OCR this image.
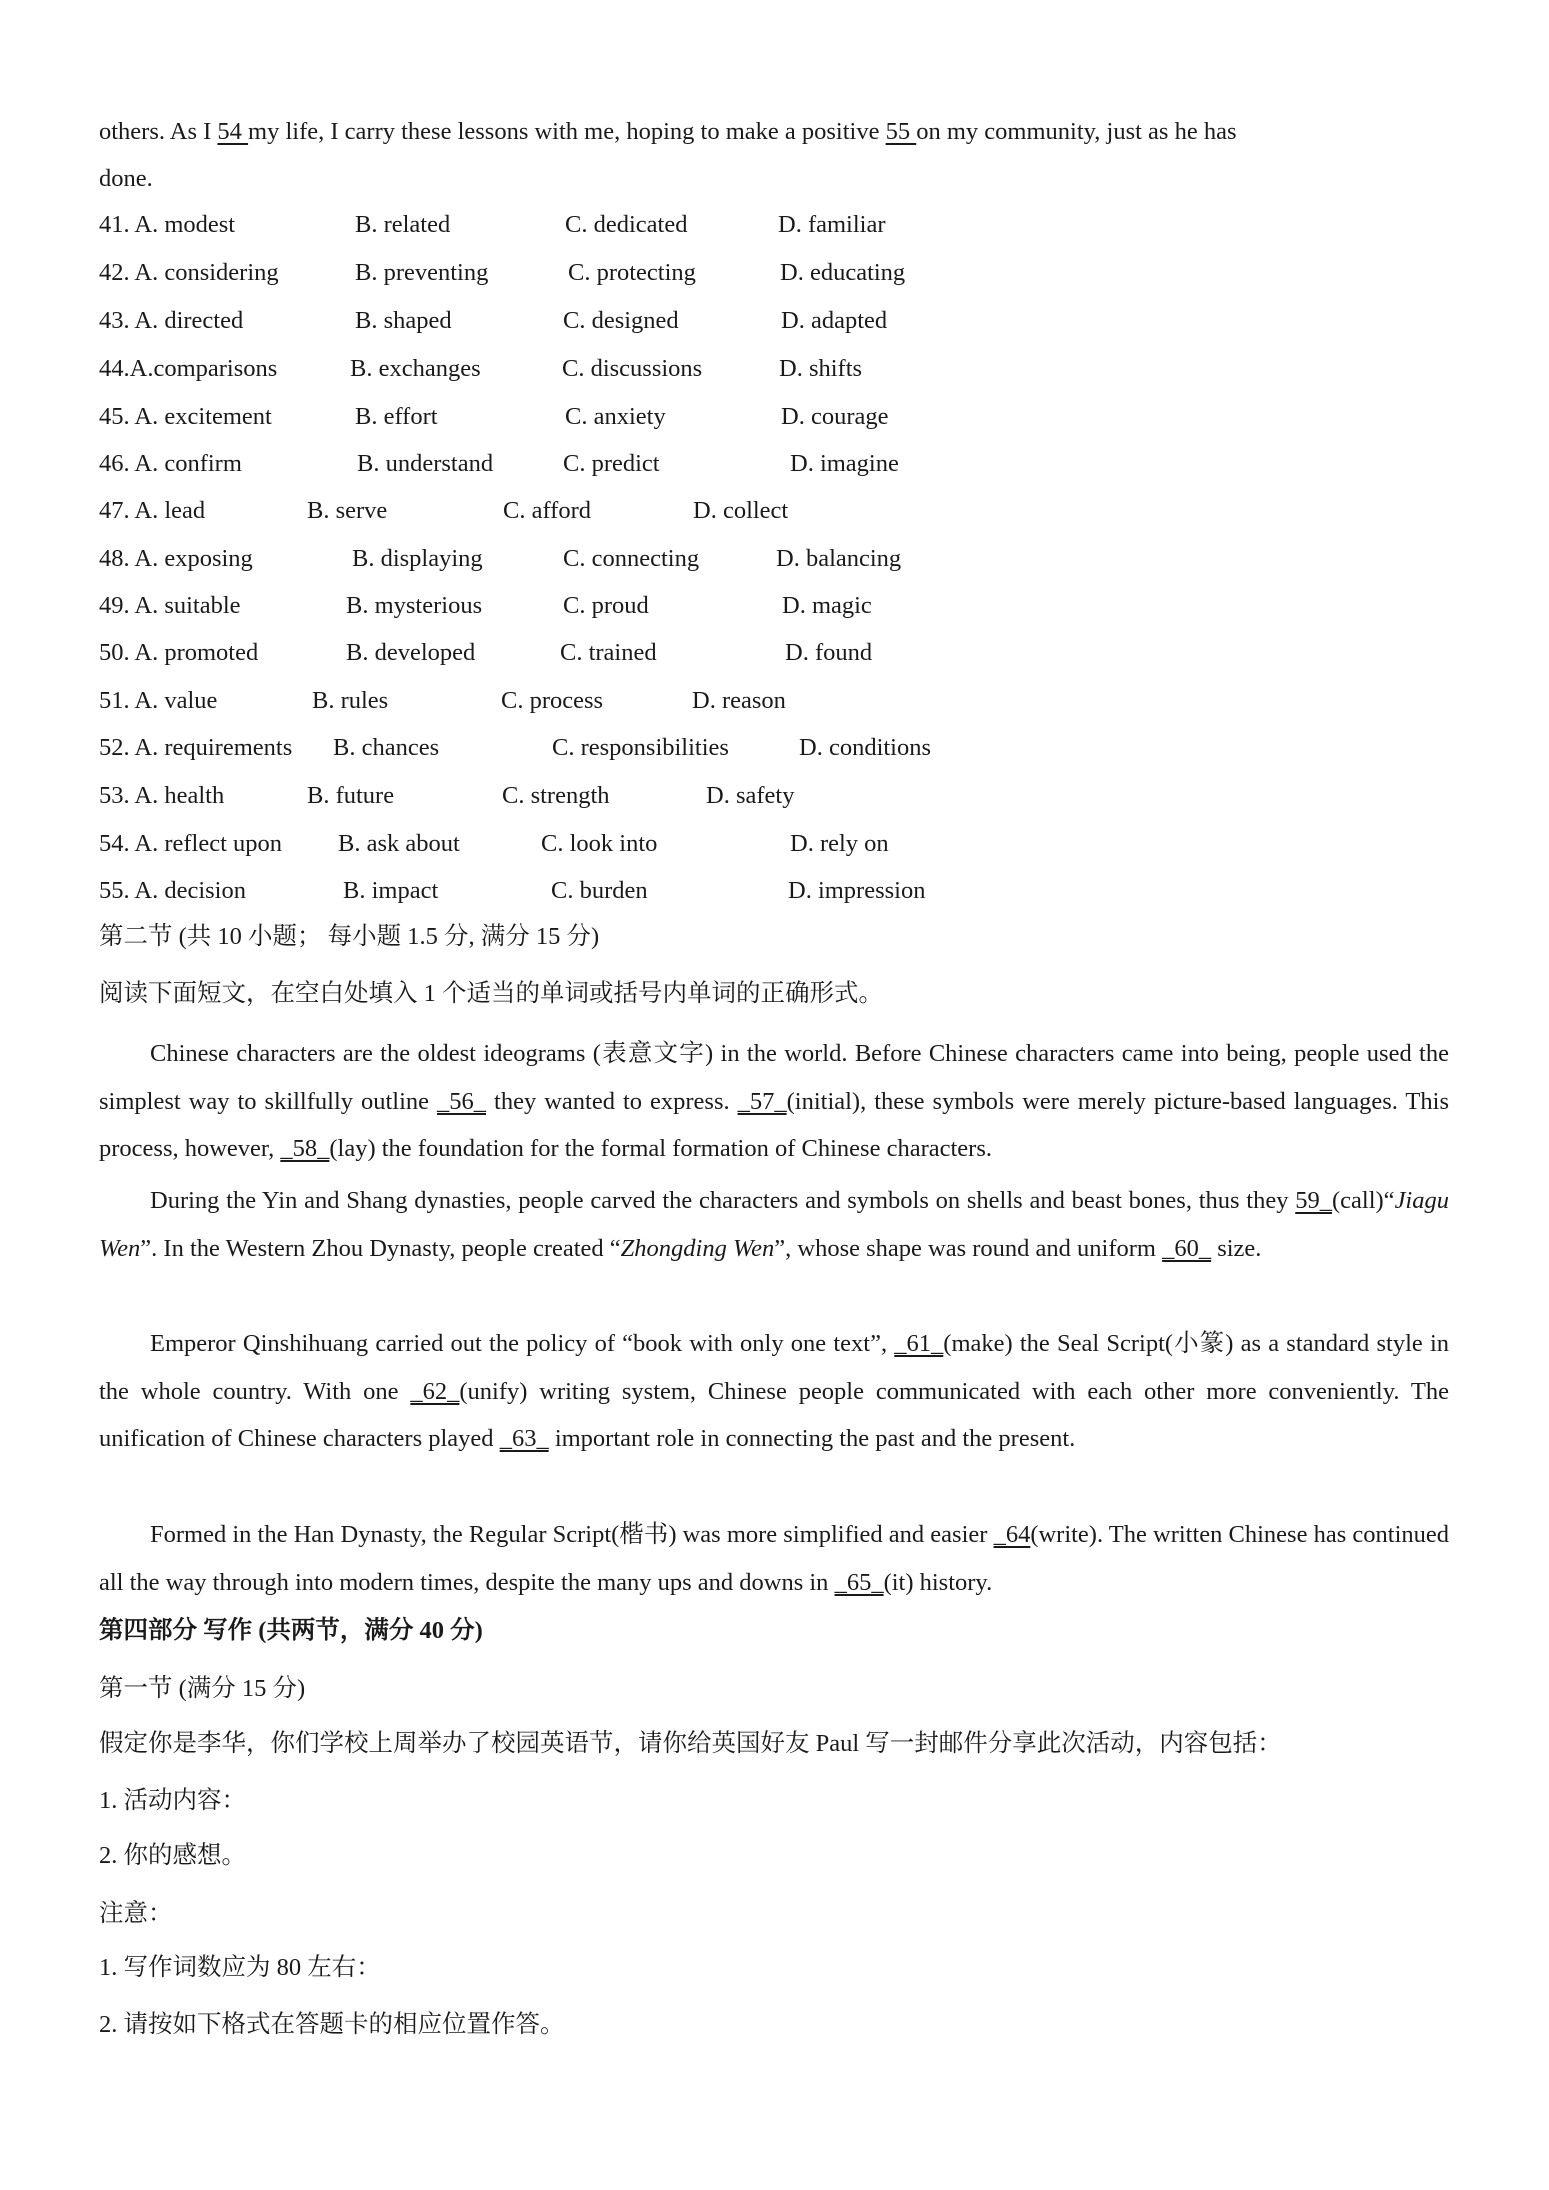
others. As I 54 my life, I carry these lessons with me, hoping to make a positive 55 on my community, just as he has
done.
41. A. modest	B. related	C. dedicated	D. familiar
42. A. considering	B. preventing	C. protecting	D. educating
43. A. directed	B. shaped	C. designed	D. adapted
44.A.comparisons	B. exchanges	C. discussions	D. shifts
45. A. excitement	B. effort	C. anxiety	D. courage
46. A. confirm	B. understand	C. predict	D. imagine
47. A. lead	B. serve	C. afford	D. collect
48. A. exposing	B. displaying	C. connecting	D. balancing
49. A. suitable	B. mysterious	C. proud	D. magic
50. A. promoted	B. developed	C. trained	D. found
51. A. value	B. rules	C. process	D. reason
52. A. requirements B. chances	C. responsibilities	D. conditions
53. A. health	B. future	C. strength	D. safety
54. A. reflect upon B. ask about	C. look into	D. rely on
55. A. decision	B. impact	C. burden	D. impression
第二节 (共 10 小题； 每小题 1.5 分, 满分 15 分)
阅读下面短文，在空白处填入 1 个适当的单词或括号内单词的正确形式。
Chinese characters are the oldest ideograms (表意文字) in the world. Before Chinese characters came into being, people used the simplest way to skillfully outline _56_ they wanted to express. _57_(initial), these symbols were merely picture-based languages. This process, however, _58_(lay) the foundation for the formal formation of Chinese characters.
During the Yin and Shang dynasties, people carved the characters and symbols on shells and beast bones, thus they 59_(call)“Jiagu Wen”. In the Western Zhou Dynasty, people created “Zhongding Wen”, whose shape was round and uniform _60_ size.
Emperor Qinshihuang carried out the policy of “book with only one text”, _61_(make) the Seal Script(小篆) as a standard style in the whole country. With one _62_(unify) writing system, Chinese people communicated with each other more conveniently. The unification of Chinese characters played _63_ important role in connecting the past and the present.
Formed in the Han Dynasty, the Regular Script(楷书) was more simplified and easier _64(write). The written Chinese has continued all the way through into modern times, despite the many ups and downs in _65_(it) history.
第四部分 写作 (共两节，满分 40 分)
第一节 (满分 15 分)
假定你是李华，你们学校上周举办了校园英语节，请你给英国好友 Paul 写一封邮件分享此次活动，内容包括：
1. 活动内容：
2. 你的感想。
注意：
1. 写作词数应为 80 左右：
2. 请按如下格式在答题卡的相应位置作答。
